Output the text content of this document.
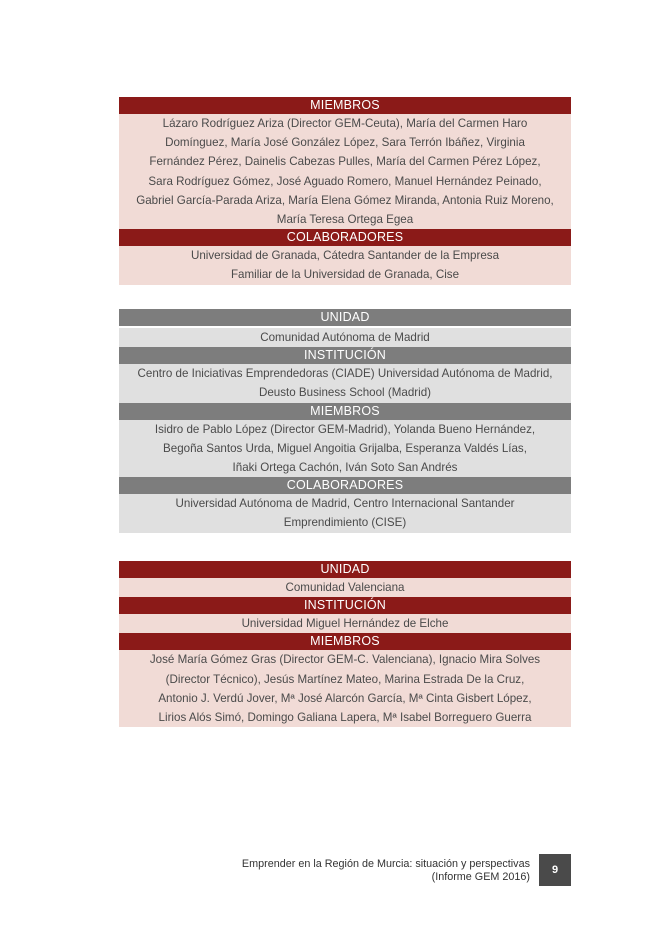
MIEMBROS
Lázaro Rodríguez Ariza (Director GEM-Ceuta), María del Carmen Haro
Domínguez, María José González López, Sara Terrón Ibáñez, Virginia
Fernández Pérez, Dainelis Cabezas Pulles, María del Carmen Pérez López,
Sara Rodríguez Gómez, José Aguado Romero, Manuel Hernández Peinado,
Gabriel García-Parada Ariza, María Elena Gómez Miranda, Antonia Ruiz Moreno,
María Teresa Ortega Egea
COLABORADORES
Universidad de Granada, Cátedra Santander de la Empresa
Familiar de la Universidad de Granada, Cise
UNIDAD
Comunidad Autónoma de Madrid
INSTITUCIÓN
Centro de Iniciativas Emprendedoras (CIADE) Universidad Autónoma de Madrid,
Deusto Business School (Madrid)
MIEMBROS
Isidro de Pablo López (Director GEM-Madrid), Yolanda Bueno Hernández,
Begoña Santos Urda, Miguel Angoitia Grijalba, Esperanza Valdés Lías,
Iñaki Ortega Cachón, Iván Soto San Andrés
COLABORADORES
Universidad Autónoma de Madrid, Centro Internacional Santander
Emprendimiento (CISE)
UNIDAD
Comunidad Valenciana
INSTITUCIÓN
Universidad Miguel Hernández de Elche
MIEMBROS
José María Gómez Gras (Director GEM-C. Valenciana), Ignacio Mira Solves
(Director Técnico), Jesús Martínez Mateo, Marina Estrada De la Cruz,
Antonio J. Verdú Jover, Mª José Alarcón García, Mª Cinta Gisbert López,
Lirios Alós Simó, Domingo Galiana Lapera, Mª Isabel Borreguero Guerra
Emprender en la Región de Murcia: situación y perspectivas
(Informe GEM 2016)
9
